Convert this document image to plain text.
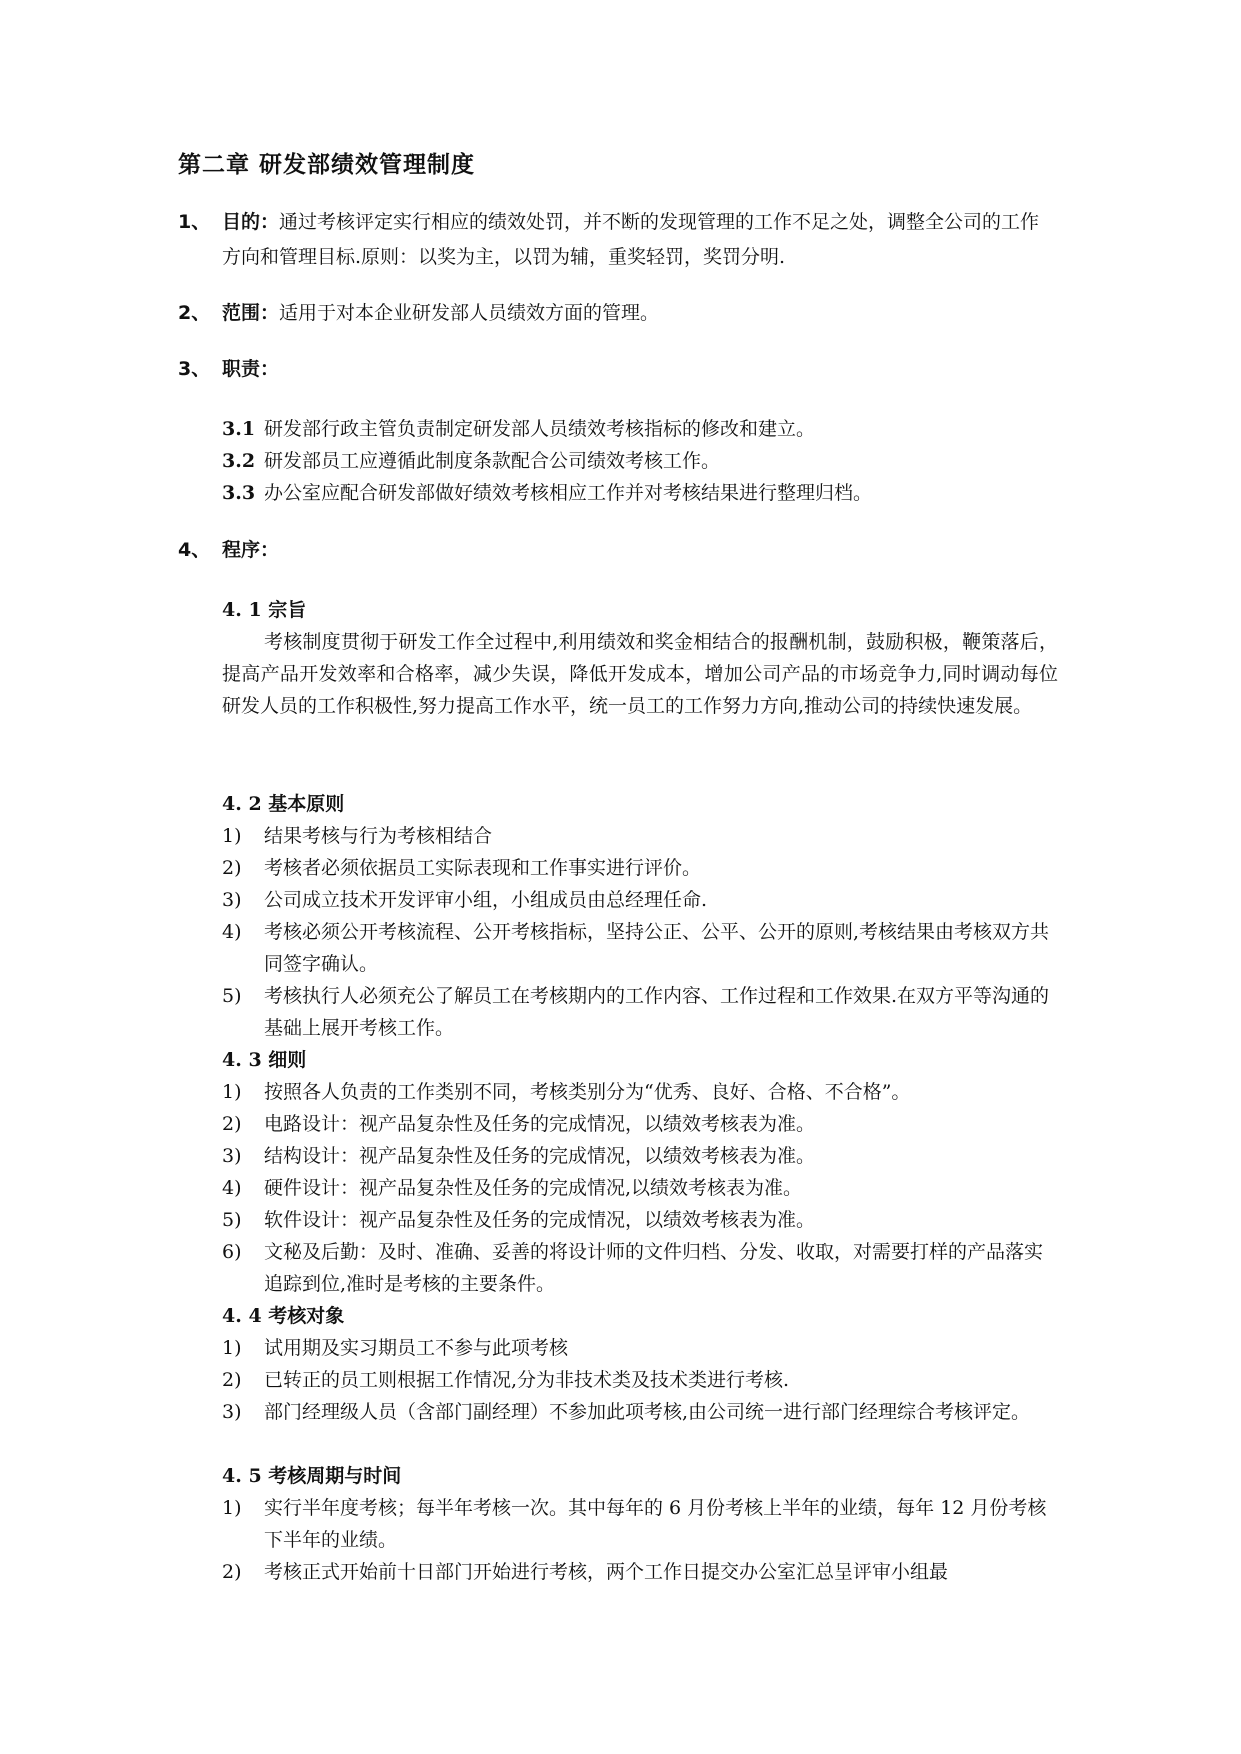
第二章 研发部绩效管理制度
1、 目的：通过考核评定实行相应的绩效处罚，并不断的发现管理的工作不足之处，调整全公司的工作方向和管理目标.原则：以奖为主，以罚为辅，重奖轻罚，奖罚分明.
2、 范围：适用于对本企业研发部人员绩效方面的管理。
3、 职责：
3.1 研发部行政主管负责制定研发部人员绩效考核指标的修改和建立。
3.2 研发部员工应遵循此制度条款配合公司绩效考核工作。
3.3 办公室应配合研发部做好绩效考核相应工作并对考核结果进行整理归档。
4、 程序：
4. 1 宗旨
考核制度贯彻于研发工作全过程中,利用绩效和奖金相结合的报酬机制，鼓励积极，鞭策落后，提高产品开发效率和合格率，减少失误，降低开发成本，增加公司产品的市场竞争力,同时调动每位研发人员的工作积极性,努力提高工作水平，统一员工的工作努力方向,推动公司的持续快速发展。
4. 2 基本原则
1) 结果考核与行为考核相结合
2) 考核者必须依据员工实际表现和工作事实进行评价。
3) 公司成立技术开发评审小组，小组成员由总经理任命.
4) 考核必须公开考核流程、公开考核指标，坚持公正、公平、公开的原则,考核结果由考核双方共同签字确认。
5) 考核执行人必须充公了解员工在考核期内的工作内容、工作过程和工作效果.在双方平等沟通的基础上展开考核工作。
4. 3 细则
1) 按照各人负责的工作类别不同，考核类别分为“优秀、良好、合格、不合格”。
2) 电路设计：视产品复杂性及任务的完成情况，以绩效考核表为准。
3) 结构设计：视产品复杂性及任务的完成情况，以绩效考核表为准。
4) 硬件设计：视产品复杂性及任务的完成情况,以绩效考核表为准。
5) 软件设计：视产品复杂性及任务的完成情况，以绩效考核表为准。
6) 文秘及后勤：及时、准确、妥善的将设计师的文件归档、分发、收取，对需要打样的产品落实追踪到位,准时是考核的主要条件。
4. 4 考核对象
1) 试用期及实习期员工不参与此项考核
2) 已转正的员工则根据工作情况,分为非技术类及技术类进行考核.
3) 部门经理级人员（含部门副经理）不参加此项考核,由公司统一进行部门经理综合考核评定。
4. 5 考核周期与时间
1) 实行半年度考核；每半年考核一次。其中每年的 6 月份考核上半年的业绩，每年 12 月份考核下半年的业绩。
2) 考核正式开始前十日部门开始进行考核，两个工作日提交办公室汇总呈评审小组最
